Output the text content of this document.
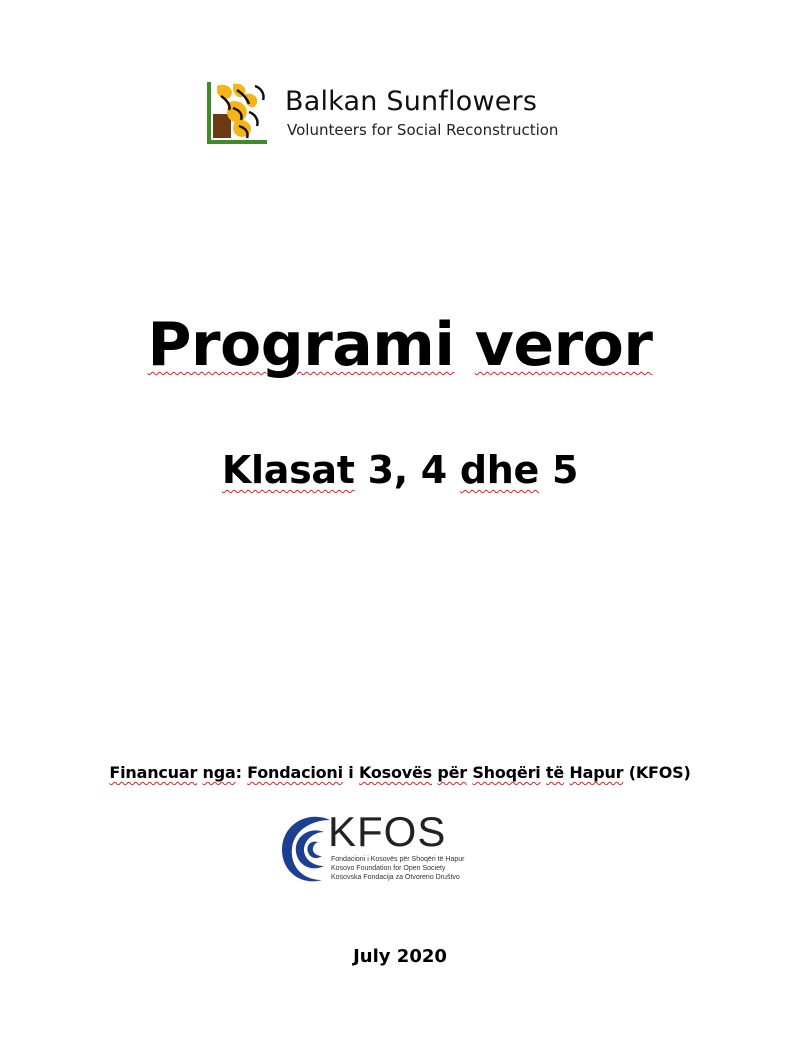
Balkan Sunflowers
Volunteers for Social Reconstruction
Programi veror
Klasat 3, 4 dhe 5
Financuar nga: Fondacioni i Kosovës për Shoqëri të Hapur (KFOS)
KFOS
Fondacioni i Kosovës për Shoqëri të Hapur
Kosovo Foundation for Open Society
Kosovska Fondacija za Otvoreno Društvo
July 2020
